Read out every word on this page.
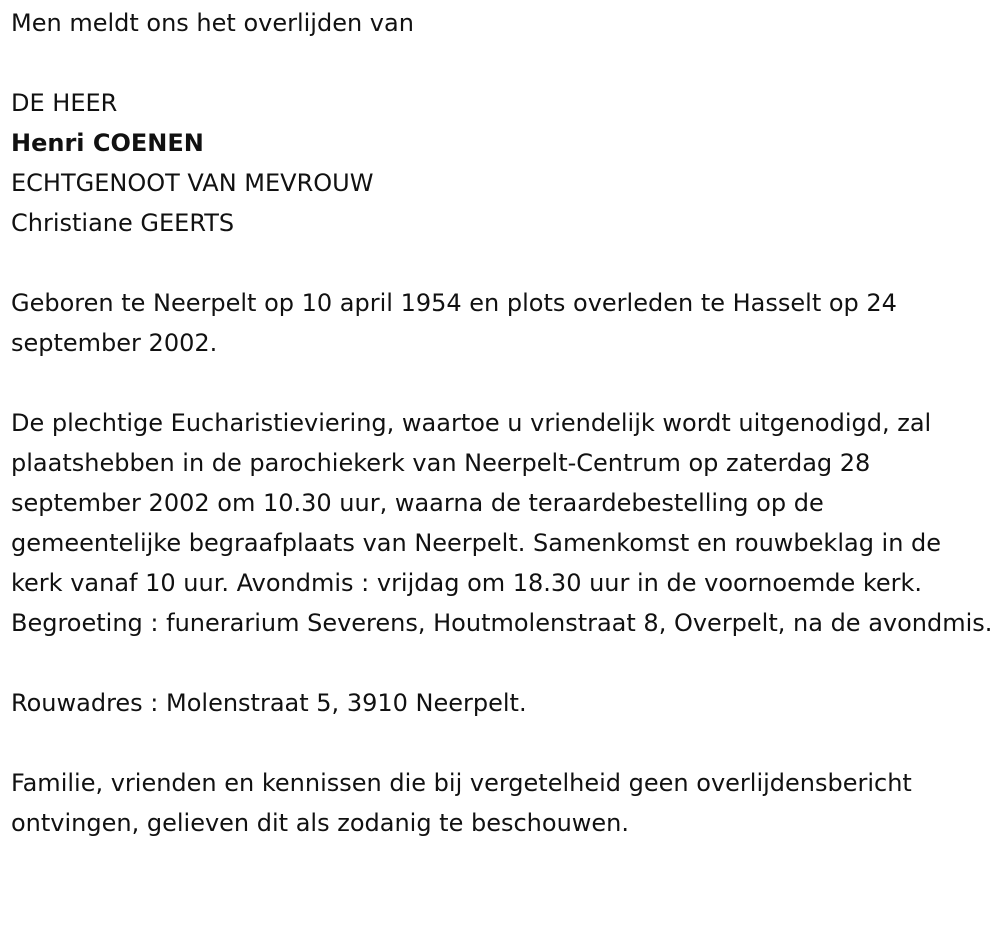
Men meldt ons het overlijden van

DE HEER

Henri COENEN

ECHTGENOOT VAN MEVROUW

Christiane GEERTS

Geboren te Neerpelt op 10 april 1954 en plots overleden te Hasselt op 24 september 2002.

De plechtige Eucharistieviering, waartoe u vriendelijk wordt uitgenodigd, zal plaatshebben in de parochiekerk van Neerpelt-Centrum op zaterdag 28 september 2002 om 10.30 uur, waarna de teraardebestelling op de gemeentelijke begraafplaats van Neerpelt. Samenkomst en rouwbeklag in de kerk vanaf 10 uur. Avondmis : vrijdag om 18.30 uur in de voornoemde kerk. Begroeting : funerarium Severens, Houtmolenstraat 8, Overpelt, na de avondmis.

Rouwadres : Molenstraat 5, 3910 Neerpelt.

Familie, vrienden en kennissen die bij vergetelheid geen overlijdensbericht ontvingen, gelieven dit als zodanig te beschouwen.
